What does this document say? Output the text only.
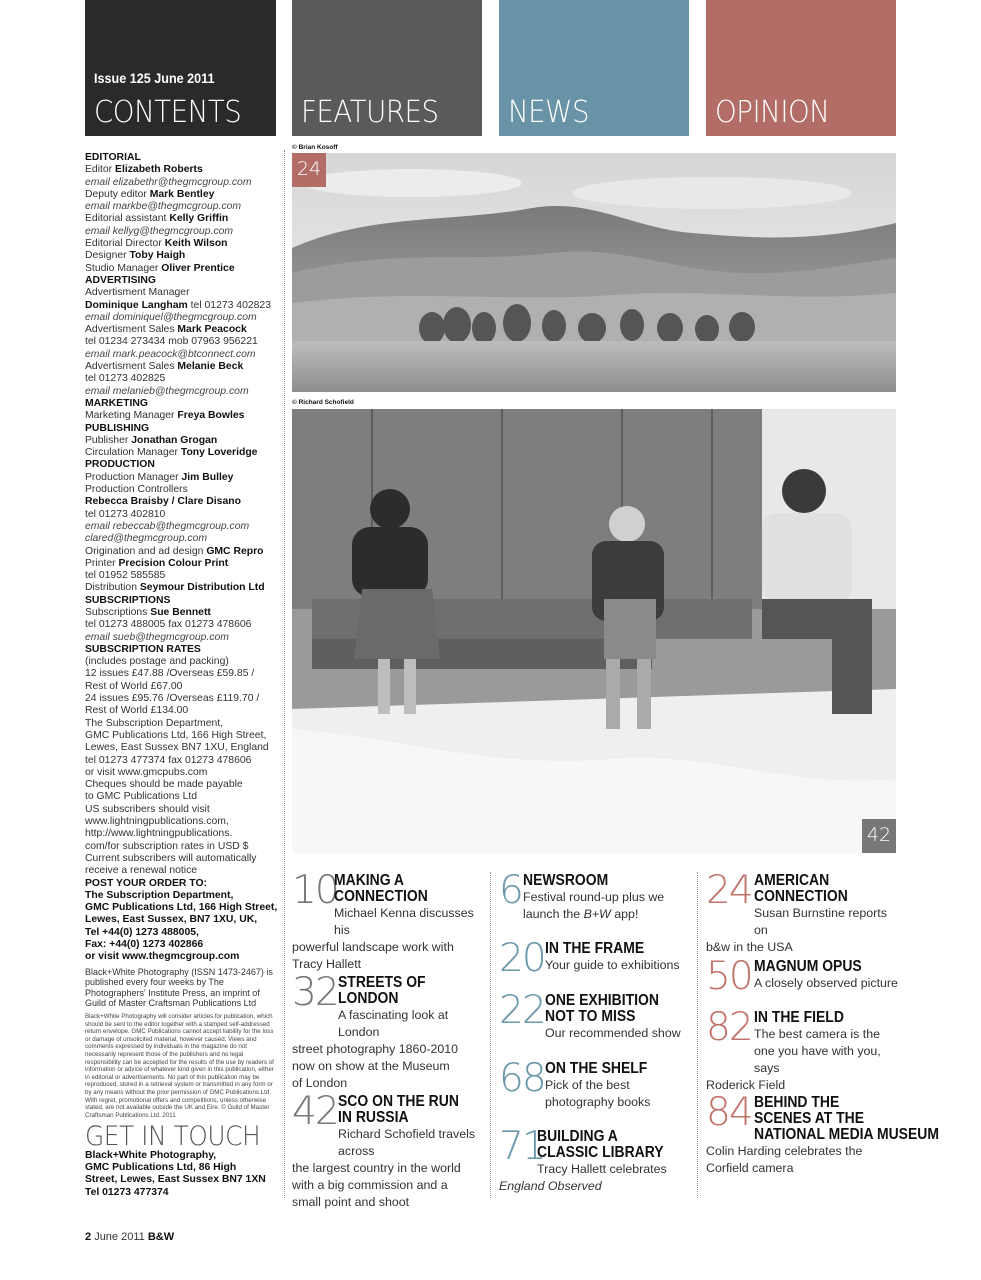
Issue 125 June 2011
CONTENTS FEATURES NEWS	OPINION
EDITORIAL
Editor Elizabeth Roberts
email elizabethr@thegmcgroup.com
Deputy editor Mark Bentley
email markbe@thegmcgroup.com
Editorial assistant Kelly Griffin
email kellyg@thegmcgroup.com
Editorial Director Keith Wilson
Designer Toby Haigh
Studio Manager Oliver Prentice
ADVERTISING
Advertisment Manager
Dominique Langham tel 01273 402823
email dominiquel@thegmcgroup.com
Advertisment Sales Mark Peacock
tel 01234 273434 mob 07963 956221
email mark.peacock@btconnect.com
Advertisment Sales Melanie Beck
tel 01273 402825
email melanieb@thegmcgroup.com
MARKETING
Marketing Manager Freya Bowles
PUBLISHING
Publisher Jonathan Grogan
Circulation Manager Tony Loveridge
PRODUCTION
Production Manager Jim Bulley
Production Controllers
Rebecca Braisby / Clare Disano
tel 01273 402810
email rebeccab@thegmcgroup.com
clared@thegmcgroup.com
Origination and ad design GMC Repro
Printer Precision Colour Print
tel 01952 585585
Distribution Seymour Distribution Ltd
SUBSCRIPTIONS
Subscriptions Sue Bennett
tel 01273 488005 fax 01273 478606
email sueb@thegmcgroup.com
SUBSCRIPTION RATES
(includes postage and packing)
12 issues £47.88 /Overseas £59.85 /
Rest of World £67.00
24 issues £95.76 /Overseas £119.70 /
Rest of World £134.00
The Subscription Department,
GMC Publications Ltd, 166 High Street,
Lewes, East Sussex BN7 1XU, England
tel 01273 477374 fax 01273 478606
or visit www.gmcpubs.com
Cheques should be made payable
to GMC Publications Ltd
US subscribers should visit
www.lightningpublications.com,
http://www.lightningpublications.
com/for subscription rates in USD $
Current subscribers will automatically
receive a renewal notice
POST YOUR ORDER TO:
The Subscription Department,
GMC Publications Ltd, 166 High Street,
Lewes, East Sussex, BN7 1XU, UK,
Tel +44(0) 1273 488005,
Fax: +44(0) 1273 402866
or visit www.thegmcgroup.com
Black+White Photography (ISSN 1473-2467) is published every four weeks by The Photographers' Institute Press, an imprint of Guild of Master Craftsman Publications Ltd
Black+White Photography will consider articles for publication, which should be sent to the editor together with a stamped self-addressed return envelope. GMC Publications cannot accept liability for the loss or damage of unsolicited material, however caused. Views and comments expressed by individuals in the magazine do not necessarily represent those of the publishers and no legal responsibility can be accepted for the results of the use by readers of information or advice of whatever kind given in this publication, either in editorial or advertisements. No part of this publication may be reproduced, stored in a retrieval system or transmitted in any form or by any means without the prior permission of GMC Publications Ltd. With regret, promotional offers and competitions, unless otherwise stated, are not available outside the UK and Eire. © Guild of Master Craftsman Publications Ltd. 2011
GET IN TOUCH
Black+White Photography,
GMC Publications Ltd, 86 High
Street, Lewes, East Sussex BN7 1XN
Tel 01273 477374
© Brian Kosoff
24
© Richard Schofield
42
10
MAKING A
CONNECTION
Michael Kenna discusses his
powerful landscape work with
Tracy Hallett
32 STREETS OF
LONDON
A fascinating look at London
street photography 1860-2010
now on show at the Museum
of London
42 SCO ON THE RUN
IN RUSSIA
Richard Schofield travels across
the largest country in the world
with a big commission and a
small point and shoot
6 NEWSROOM
Festival round-up plus we
launch the B+W app!
20 IN THE FRAME
Your guide to exhibitions
22 ONE EXHIBITION
NOT TO MISS
Our recommended show
68 ON THE SHELF
Pick of the best
photography books
71
BUILDING A
CLASSIC LIBRARY
Tracy Hallett celebrates
England Observed
24 AMERICAN
CONNECTION
Susan Burnstine reports on
b&w in the USA
50 MAGNUM OPUS
A closely observed picture
82 IN THE FIELD
The best camera is the
one you have with you, says
Roderick Field
84 BEHIND THE
SCENES AT THE
NATIONAL MEDIA MUSEUM
Colin Harding celebrates the
Corfield camera
2 June 2011 B&W
